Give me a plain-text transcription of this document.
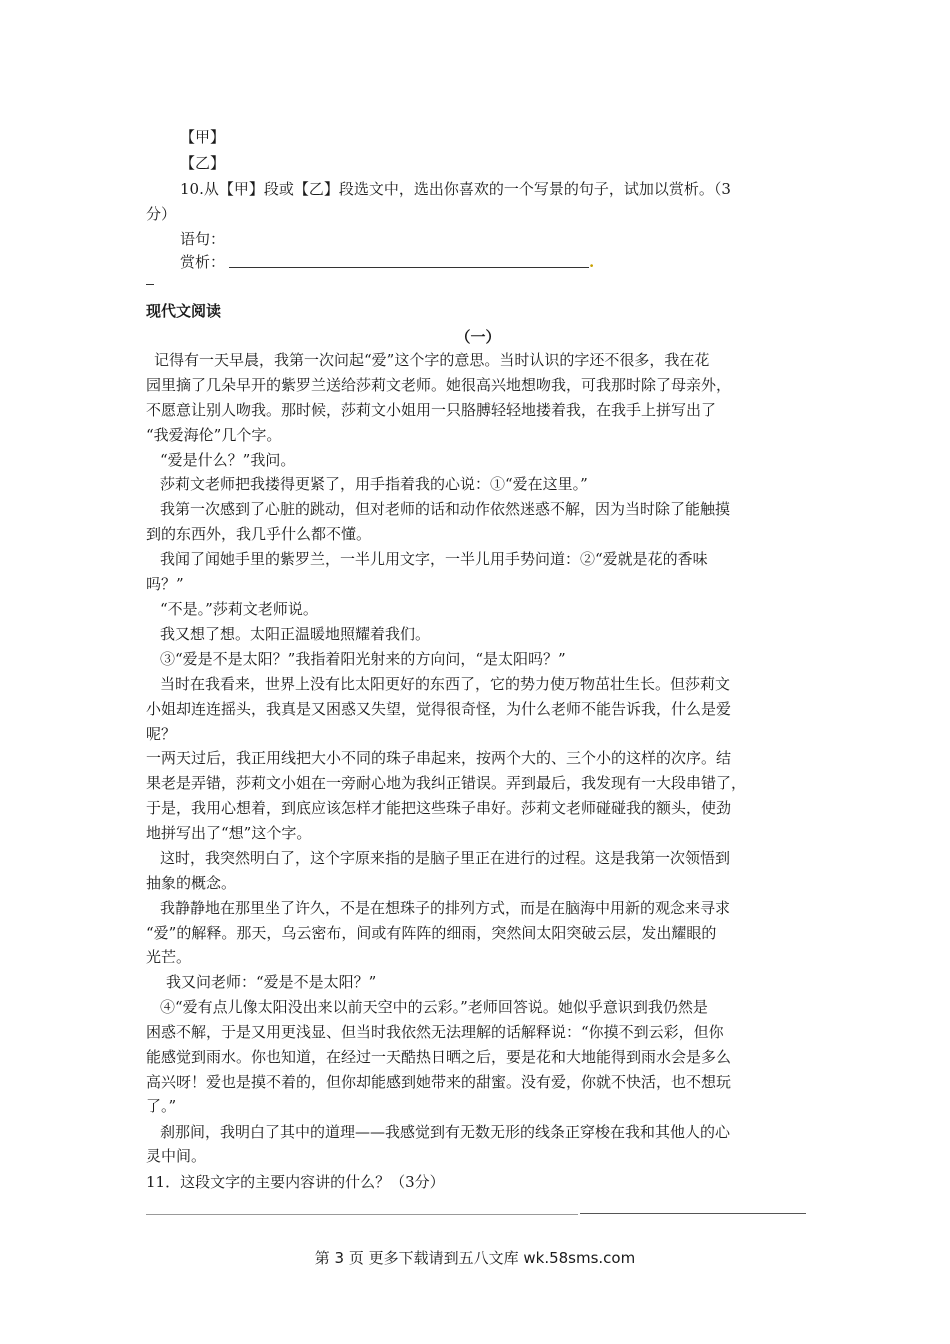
【甲】
【乙】
10.从【甲】段或【乙】段选文中，选出你喜欢的一个写景的句子，试加以赏析。（3
分）
语句：
赏析：	.
现代文阅读
（一）
记得有一天早晨，我第一次问起“爱”这个字的意思。当时认识的字还不很多，我在花
园里摘了几朵早开的紫罗兰送给莎莉文老师。她很高兴地想吻我，可我那时除了母亲外，
不愿意让别人吻我。那时候，莎莉文小姐用一只胳膊轻轻地搂着我，在我手上拼写出了
“我爱海伦”几个字。
“爱是什么？”我问。
莎莉文老师把我搂得更紧了，用手指着我的心说：①“爱在这里。”
我第一次感到了心脏的跳动，但对老师的话和动作依然迷惑不解，因为当时除了能触摸
到的东西外，我几乎什么都不懂。
我闻了闻她手里的紫罗兰，一半儿用文字，一半儿用手势问道：②“爱就是花的香味
吗？”
“不是。”莎莉文老师说。
我又想了想。太阳正温暖地照耀着我们。
③“爱是不是太阳？”我指着阳光射来的方向问，“是太阳吗？”
当时在我看来，世界上没有比太阳更好的东西了，它的势力使万物茁壮生长。但莎莉文
小姐却连连摇头，我真是又困惑又失望，觉得很奇怪，为什么老师不能告诉我，什么是爱
呢？
一两天过后，我正用线把大小不同的珠子串起来，按两个大的、三个小的这样的次序。结
果老是弄错，莎莉文小姐在一旁耐心地为我纠正错误。弄到最后，我发现有一大段串错了，
于是，我用心想着，到底应该怎样才能把这些珠子串好。莎莉文老师碰碰我的额头，使劲
地拼写出了“想”这个字。
这时，我突然明白了，这个字原来指的是脑子里正在进行的过程。这是我第一次领悟到
抽象的概念。
我静静地在那里坐了许久，不是在想珠子的排列方式，而是在脑海中用新的观念来寻求
“爱”的解释。那天，乌云密布，间或有阵阵的细雨，突然间太阳突破云层，发出耀眼的
光芒。
我又问老师：“爱是不是太阳？”
④“爱有点儿像太阳没出来以前天空中的云彩。”老师回答说。她似乎意识到我仍然是
困惑不解，于是又用更浅显、但当时我依然无法理解的话解释说：“你摸不到云彩，但你
能感觉到雨水。你也知道，在经过一天酷热日晒之后，要是花和大地能得到雨水会是多么
高兴呀！爱也是摸不着的，但你却能感到她带来的甜蜜。没有爱，你就不快活，也不想玩
了。”
刹那间，我明白了其中的道理——我感觉到有无数无形的线条正穿梭在我和其他人的心
灵中间。
11．这段文字的主要内容讲的什么？（3分）
第 3 页 更多下载请到五八文库 wk.58sms.com
